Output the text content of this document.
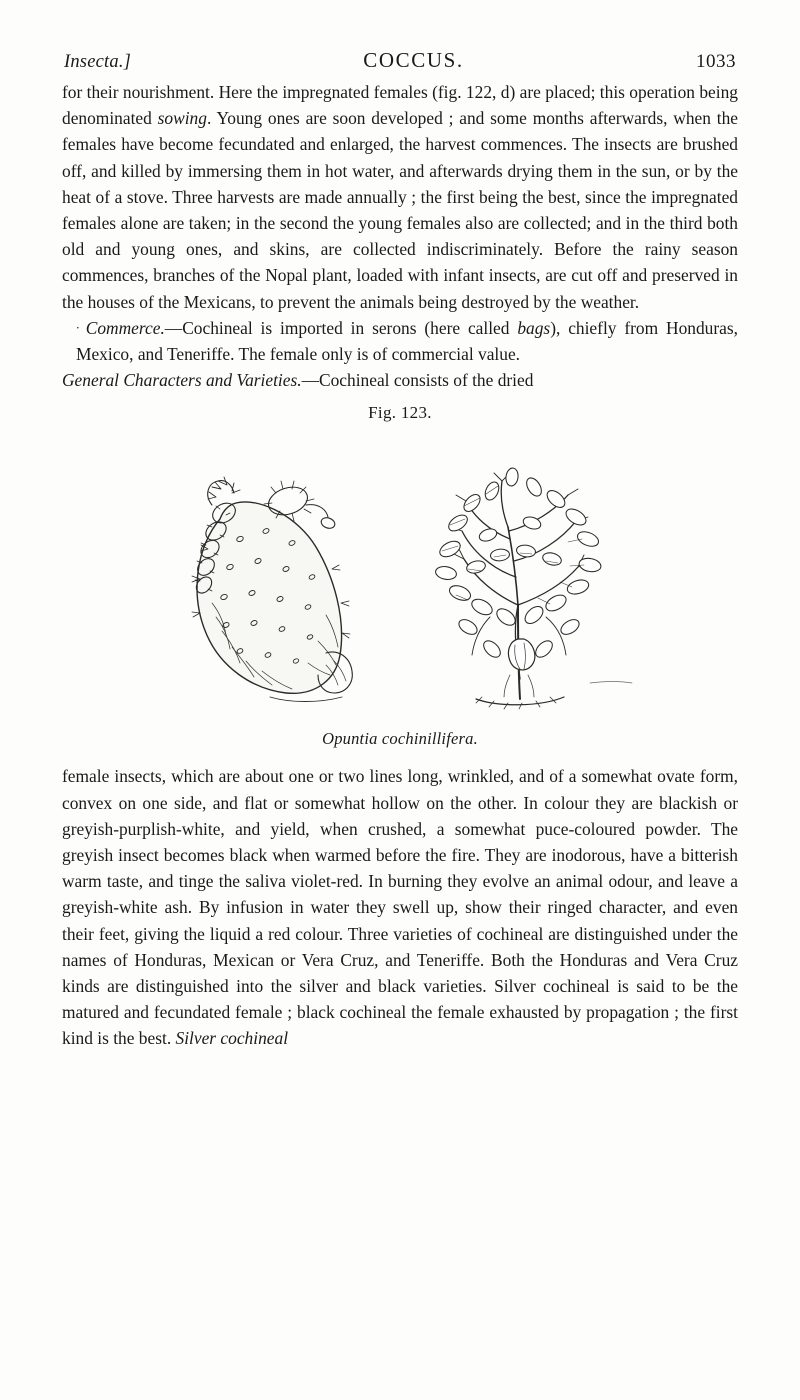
Insecta.]	COCCUS.	1033

for their nourishment. Here the impregnated females (fig. 122, d) are placed; this operation being denominated sowing. Young ones are soon developed ; and some months afterwards, when the females have become fecundated and enlarged, the harvest commences. The insects are brushed off, and killed by immersing them in hot water, and afterwards drying them in the sun, or by the heat of a stove. Three harvests are made annually ; the first being the best, since the impregnated females alone are taken; in the second the young females also are collected; and in the third both old and young ones, and skins, are collected indiscriminately. Before the rainy season commences, branches of the Nopal plant, loaded with infant insects, are cut off and preserved in the houses of the Mexicans, to prevent the animals being destroyed by the weather.

· Commerce.—Cochineal is imported in serons (here called bags), chiefly from Honduras, Mexico, and Teneriffe. The female only is of commercial value.

General Characters and Varieties.—Cochineal consists of the dried

Fig. 123.
Opuntia cochinillifera.

female insects, which are about one or two lines long, wrinkled, and of a somewhat ovate form, convex on one side, and flat or somewhat hollow on the other. In colour they are blackish or greyish-purplish-white, and yield, when crushed, a somewhat puce-coloured powder. The greyish insect becomes black when warmed before the fire. They are inodorous, have a bitterish warm taste, and tinge the saliva violet-red. In burning they evolve an animal odour, and leave a greyish-white ash. By infusion in water they swell up, show their ringed character, and even their feet, giving the liquid a red colour. Three varieties of cochineal are distinguished under the names of Honduras, Mexican or Vera Cruz, and Teneriffe. Both the Honduras and Vera Cruz kinds are distinguished into the silver and black varieties. Silver cochineal is said to be the matured and fecundated female ; black cochineal the female exhausted by propagation ; the first kind is the best. Silver cochineal
